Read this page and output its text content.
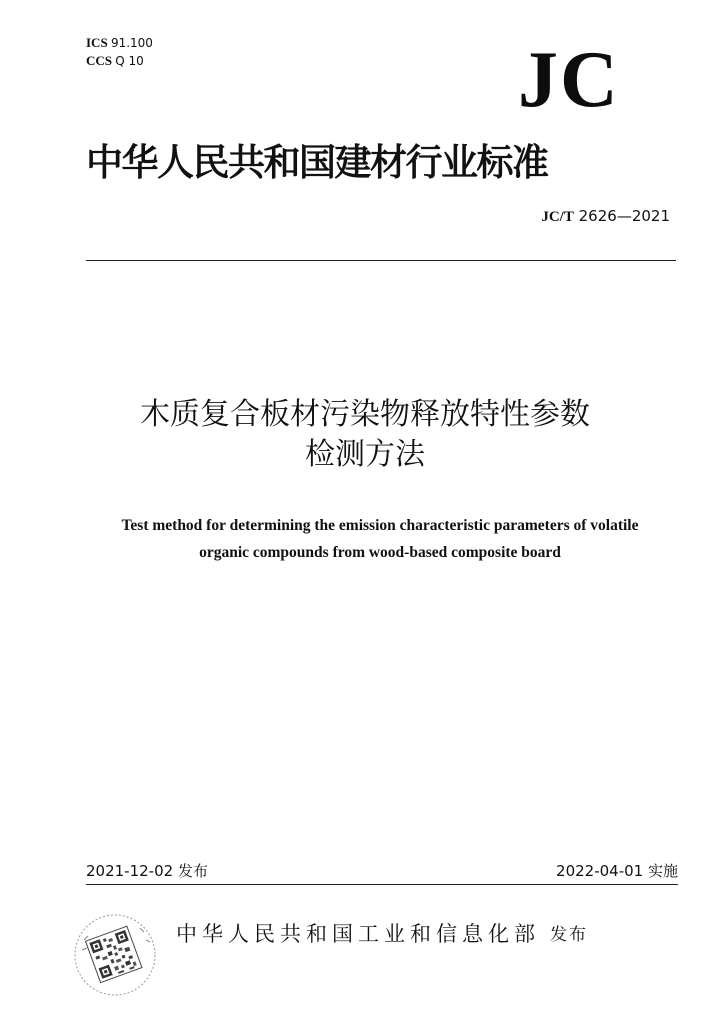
ICS 91.100
CCS Q 10	JC
中华人民共和国建材行业标准
JC/T 2626—2021
木质复合板材污染物释放特性参数
检测方法
Test method for determining the emission characteristic parameters of volatile
organic compounds from wood-based composite board
2021-12-02 发布	2022-04-01 实施
中华人民共和国工业和信息化部 发布
